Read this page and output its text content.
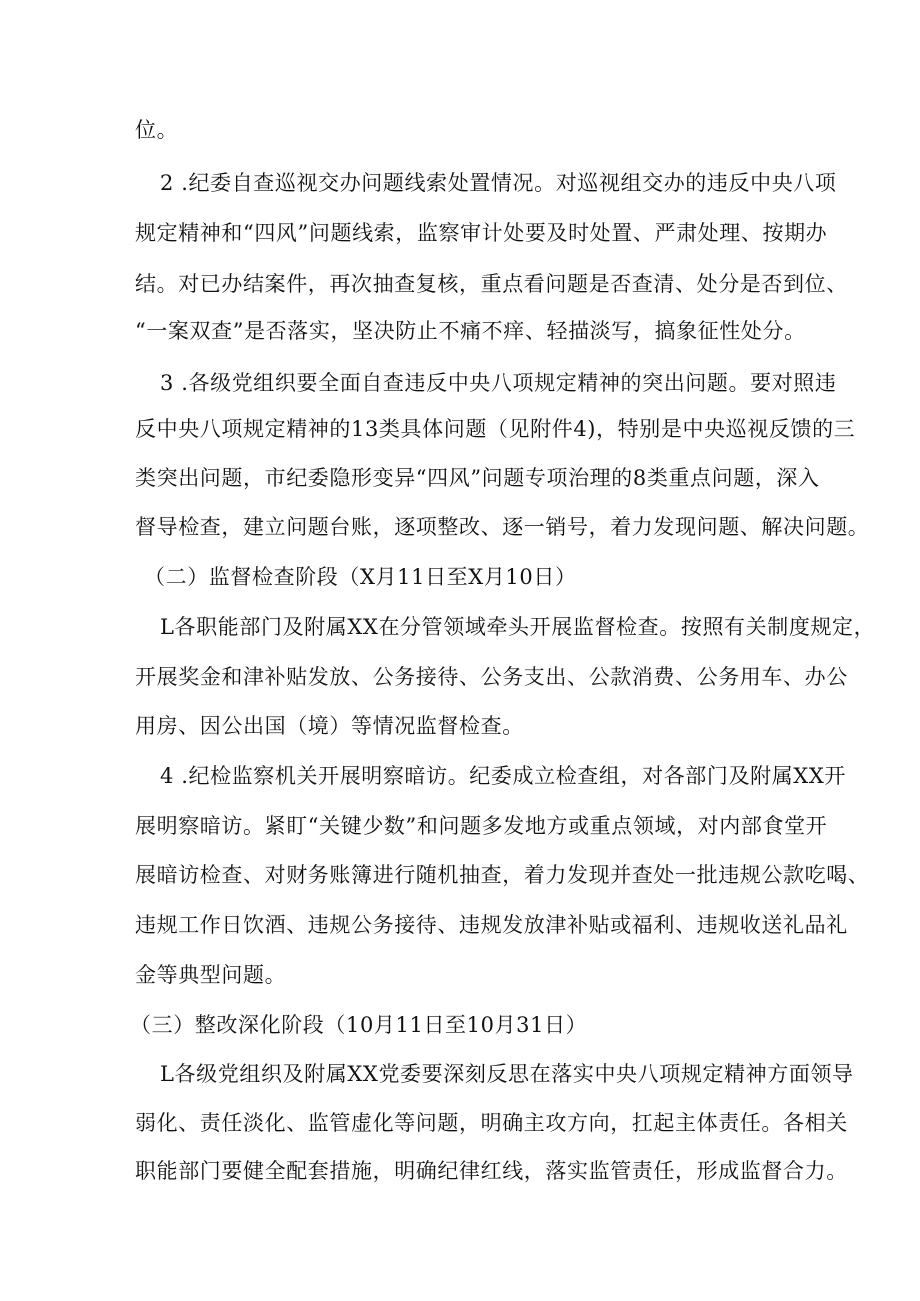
位。
2 .纪委自查巡视交办问题线索处置情况。对巡视组交办的违反中央八项
规定精神和“四风”问题线索，监察审计处要及时处置、严肃处理、按期办
结。对已办结案件，再次抽查复核，重点看问题是否查清、处分是否到位、
“一案双查”是否落实，坚决防止不痛不痒、轻描淡写，搞象征性处分。
3 .各级党组织要全面自查违反中央八项规定精神的突出问题。要对照违
反中央八项规定精神的13类具体问题（见附件4)，特别是中央巡视反馈的三
类突出问题，市纪委隐形变异“四风”问题专项治理的8类重点问题，深入
督导检查，建立问题台账，逐项整改、逐一销号，着力发现问题、解决问题。
（二）监督检查阶段（X月11日至X月10日）
L各职能部门及附属XX在分管领域牵头开展监督检查。按照有关制度规定，
开展奖金和津补贴发放、公务接待、公务支出、公款消费、公务用车、办公
用房、因公出国（境）等情况监督检查。
4 .纪检监察机关开展明察暗访。纪委成立检查组，对各部门及附属XX开
展明察暗访。紧盯“关键少数”和问题多发地方或重点领域，对内部食堂开
展暗访检查、对财务账簿进行随机抽查，着力发现并查处一批违规公款吃喝、
违规工作日饮酒、违规公务接待、违规发放津补贴或福利、违规收送礼品礼
金等典型问题。
（三）整改深化阶段（10月11日至10月31日）
L各级党组织及附属XX党委要深刻反思在落实中央八项规定精神方面领导
弱化、责任淡化、监管虚化等问题，明确主攻方向，扛起主体责任。各相关
职能部门要健全配套措施，明确纪律红线，落实监管责任，形成监督合力。
